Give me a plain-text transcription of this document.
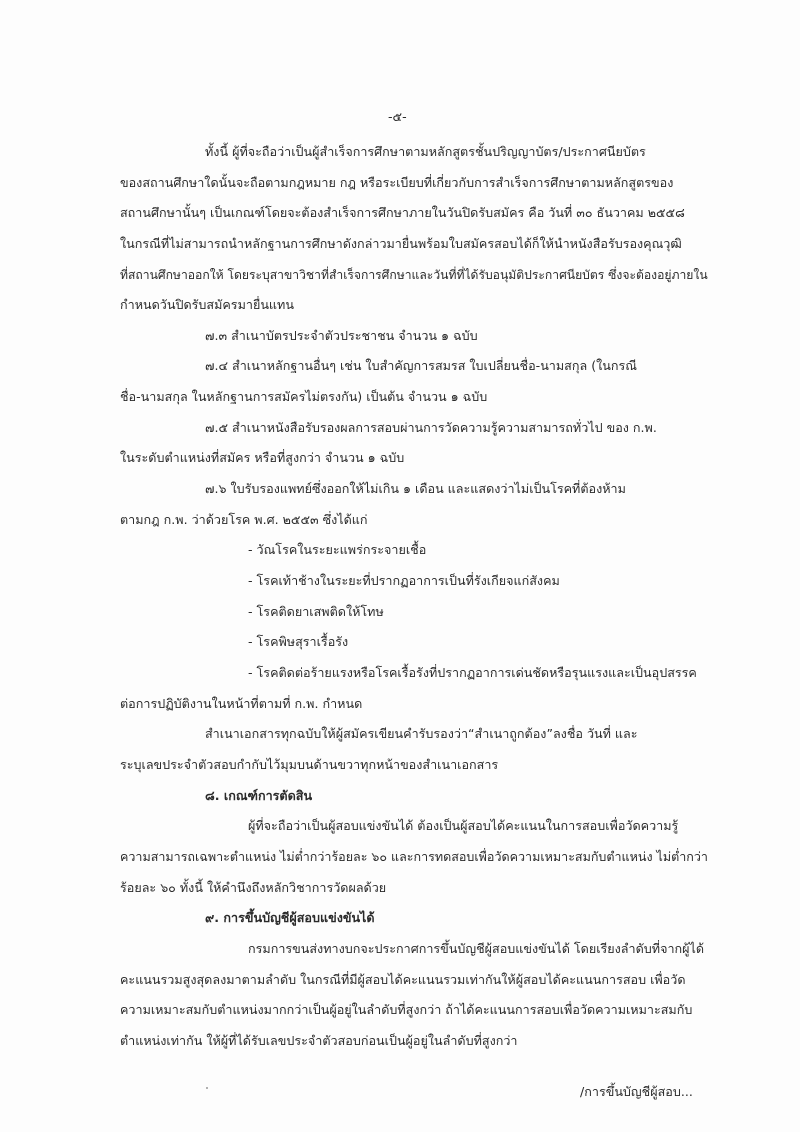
-๕-
ทั้งนี้ ผู้ที่จะถือว่าเป็นผู้สำเร็จการศึกษาตามหลักสูตรชั้นปริญญาบัตร/ประกาศนียบัตร
ของสถานศึกษาใดนั้นจะถือตามกฎหมาย กฎ หรือระเบียบที่เกี่ยวกับการสำเร็จการศึกษาตามหลักสูตรของ
สถานศึกษานั้นๆ เป็นเกณฑ์โดยจะต้องสำเร็จการศึกษาภายในวันปิดรับสมัคร คือ วันที่ ๓๐ ธันวาคม ๒๕๕๘
ในกรณีที่ไม่สามารถนำหลักฐานการศึกษาดังกล่าวมายื่นพร้อมใบสมัครสอบได้ก็ให้นำหนังสือรับรองคุณวุฒิ
ที่สถานศึกษาออกให้ โดยระบุสาขาวิชาที่สำเร็จการศึกษาและวันที่ที่ได้รับอนุมัติประกาศนียบัตร ซึ่งจะต้องอยู่ภายใน
กำหนดวันปิดรับสมัครมายื่นแทน
๗.๓ สำเนาบัตรประจำตัวประชาชน จำนวน ๑ ฉบับ
๗.๔ สำเนาหลักฐานอื่นๆ เช่น ใบสำคัญการสมรส ใบเปลี่ยนชื่อ-นามสกุล (ในกรณี
ชื่อ-นามสกุล ในหลักฐานการสมัครไม่ตรงกัน) เป็นต้น จำนวน ๑ ฉบับ
๗.๕ สำเนาหนังสือรับรองผลการสอบผ่านการวัดความรู้ความสามารถทั่วไป ของ ก.พ.
ในระดับตำแหน่งที่สมัคร หรือที่สูงกว่า จำนวน ๑ ฉบับ
๗.๖ ใบรับรองแพทย์ซึ่งออกให้ไม่เกิน ๑ เดือน และแสดงว่าไม่เป็นโรคที่ต้องห้าม
ตามกฎ ก.พ. ว่าด้วยโรค พ.ศ. ๒๕๕๓ ซึ่งได้แก่
- วัณโรคในระยะแพร่กระจายเชื้อ
- โรคเท้าช้างในระยะที่ปรากฏอาการเป็นที่รังเกียจแก่สังคม
- โรคติดยาเสพติดให้โทษ
- โรคพิษสุราเรื้อรัง
- โรคติดต่อร้ายแรงหรือโรคเรื้อรังที่ปรากฏอาการเด่นชัดหรือรุนแรงและเป็นอุปสรรค
ต่อการปฏิบัติงานในหน้าที่ตามที่ ก.พ. กำหนด
สำเนาเอกสารทุกฉบับให้ผู้สมัครเขียนคำรับรองว่า“สำเนาถูกต้อง”ลงชื่อ วันที่ และ
ระบุเลขประจำตัวสอบกำกับไว้มุมบนด้านขวาทุกหน้าของสำเนาเอกสาร
๘. เกณฑ์การตัดสิน
ผู้ที่จะถือว่าเป็นผู้สอบแข่งขันได้ ต้องเป็นผู้สอบได้คะแนนในการสอบเพื่อวัดความรู้
ความสามารถเฉพาะตำแหน่ง ไม่ต่ำกว่าร้อยละ ๖๐ และการทดสอบเพื่อวัดความเหมาะสมกับตำแหน่ง ไม่ต่ำกว่า
ร้อยละ ๖๐ ทั้งนี้ ให้คำนึงถึงหลักวิชาการวัดผลด้วย
๙. การขึ้นบัญชีผู้สอบแข่งขันได้
กรมการขนส่งทางบกจะประกาศการขึ้นบัญชีผู้สอบแข่งขันได้ โดยเรียงลำดับที่จากผู้ได้
คะแนนรวมสูงสุดลงมาตามลำดับ ในกรณีที่มีผู้สอบได้คะแนนรวมเท่ากันให้ผู้สอบได้คะแนนการสอบ เพื่อวัด
ความเหมาะสมกับตำแหน่งมากกว่าเป็นผู้อยู่ในลำดับที่สูงกว่า ถ้าได้คะแนนการสอบเพื่อวัดความเหมาะสมกับ
ตำแหน่งเท่ากัน ให้ผู้ที่ได้รับเลขประจำตัวสอบก่อนเป็นผู้อยู่ในลำดับที่สูงกว่า
/การขึ้นบัญชีผู้สอบ...
